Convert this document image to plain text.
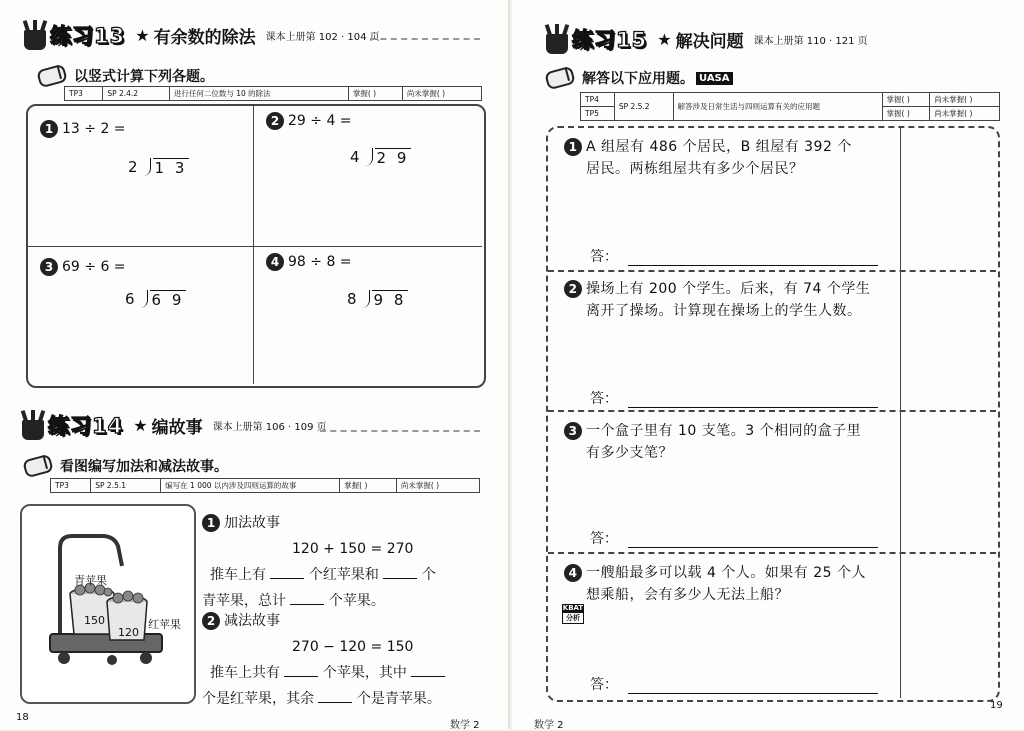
练习13 ★ 有余数的除法 课本上册第 102 · 104 页
以竖式计算下列各题。
TP3	SP 2.4.2	进行任何二位数与 10 的除法	掌握( )	尚未掌握( )
1 13 ÷ 2 =
2 1 3
2 29 ÷ 4 =
4 2 9
3 69 ÷ 6 =
6 6 9
4 98 ÷ 8 =
8 9 8
练习14 ★ 编故事 课本上册第 106 · 109 页
看图编写加法和减法故事。
TP3	SP 2.5.1	编写在 1 000 以内涉及四则运算的故事	掌握( )	尚未掌握( )
青苹果
红苹果
150
120
1 加法故事
120 + 150 = 270
推车上有	个红苹果和	个
青苹果，总计	个苹果。
2 减法故事
270 − 120 = 150
推车上共有	个苹果，其中
个是红苹果，其余	个是青苹果。
18
数学 2
练习15 ★ 解决问题 课本上册第 110 · 121 页
解答以下应用题。 UASA
TP4	SP 2.5.2	解答涉及日常生活与四则运算有关的应用题	掌握( )	尚未掌握( )
TP5			掌握( )	尚未掌握( )
1 A 组屋有 486 个居民，B 组屋有 392 个
居民。两栋组屋共有多少个居民？
答：
2 操场上有 200 个学生。后来，有 74 个学生
离开了操场。计算现在操场上的学生人数。
答：
3 一个盒子里有 10 支笔。3 个相同的盒子里
有多少支笔？
答：
4 一艘船最多可以载 4 个人。如果有 25 个人
想乘船，会有多少人无法上船？
KBAT
分析
答：
数学 2
19
